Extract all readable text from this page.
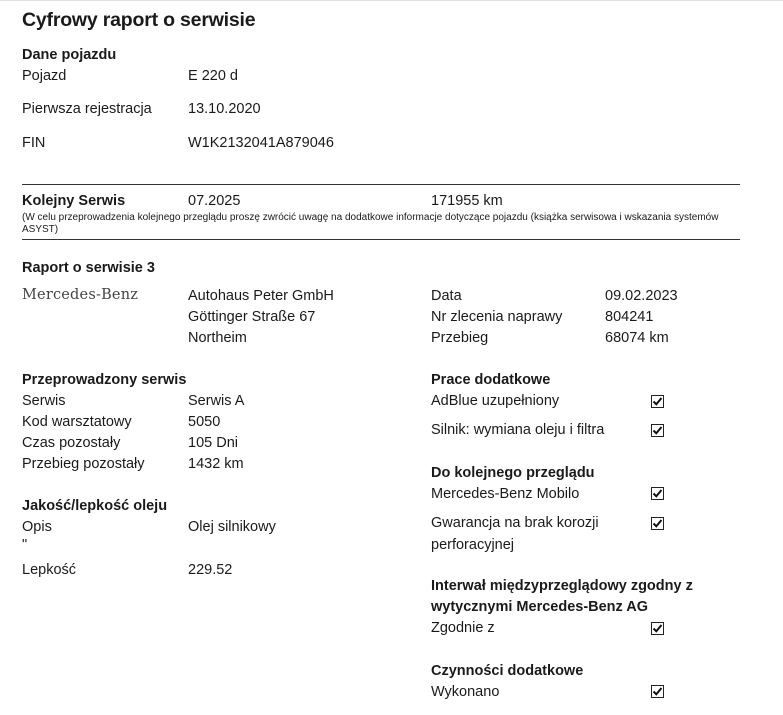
Cyfrowy raport o serwisie
Dane pojazdu
Pojazd	E 220 d
Pierwsza rejestracja	13.10.2020
FIN	W1K2132041A879046
Kolejny Serwis	07.2025	171955 km
(W celu przeprowadzenia kolejnego przeglądu proszę zwrócić uwagę na dodatkowe informacje dotyczące pojazdu (książka serwisowa i wskazania systemów ASYST)
Raport o serwisie 3
Mercedes-Benz	Autohaus Peter GmbH
Göttinger Straße 67
Northeim
Data	09.02.2023
Nr zlecenia naprawy	804241
Przebieg	68074 km
Przeprowadzony serwis
Serwis	Serwis A
Kod warsztatowy	5050
Czas pozostały	105 Dni
Przebieg pozostały	1432 km
Jakość/lepkość oleju
Opis	Olej silnikowy
"
Lepkość	229.52
Prace dodatkowe
AdBlue uzupełniony
Silnik: wymiana oleju i filtra
Do kolejnego przeglądu
Mercedes-Benz Mobilo
Gwarancja na brak korozji
perforacyjnej
Interwał międzyprzeglądowy zgodny z
wytycznymi Mercedes-Benz AG
Zgodnie z
Czynności dodatkowe
Wykonano
